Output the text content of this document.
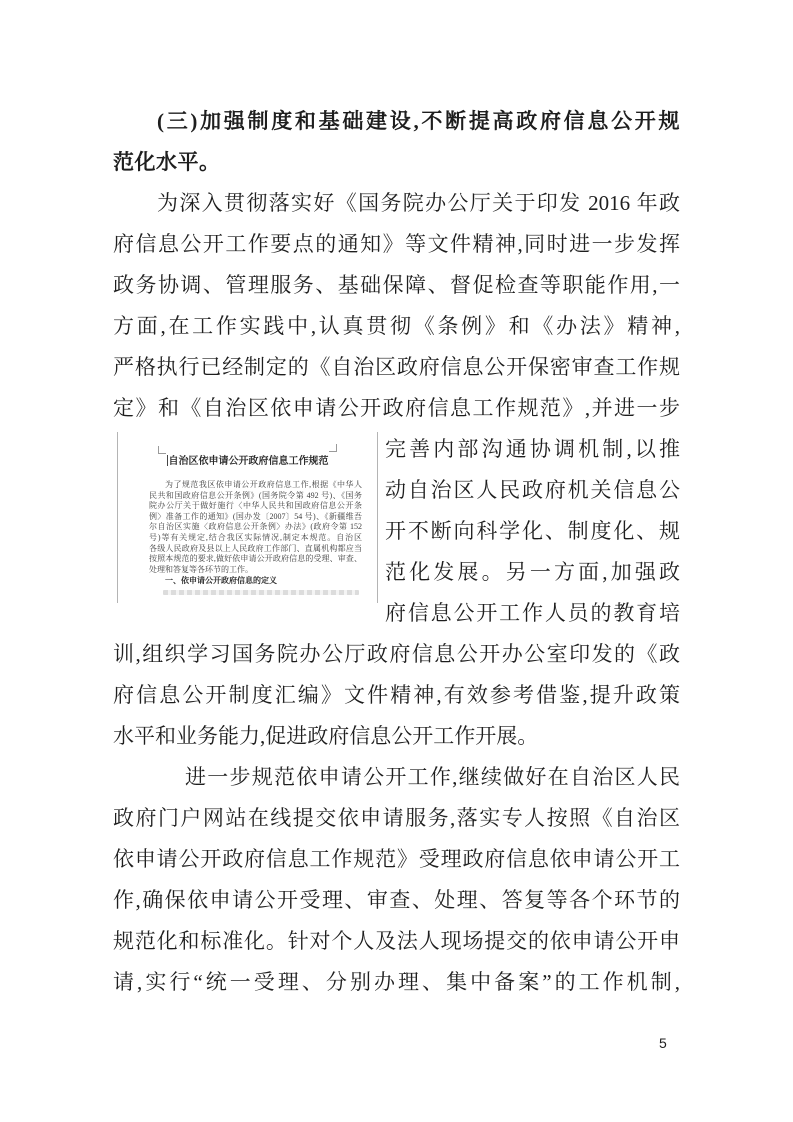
(三)加强制度和基础建设,不断提高政府信息公开规
范化水平。
为深入贯彻落实好《国务院办公厅关于印发 2016 年政
府信息公开工作要点的通知》等文件精神,同时进一步发挥
政务协调、管理服务、基础保障、督促检查等职能作用,一
方面,在工作实践中,认真贯彻《条例》和《办法》精神,
严格执行已经制定的《自治区政府信息公开保密审查工作规
定》和《自治区依申请公开政府信息工作规范》,并进一步
自治区依申请公开政府信息工作规范
为了规范我区依申请公开政府信息工作,根据《中华人
民共和国政府信息公开条例》(国务院令第 492 号)、《国务
院办公厅关于做好施行〈中华人民共和国政府信息公开条
例〉准备工作的通知》(国办发〔2007〕54 号)、《新疆维吾
尔自治区实施〈政府信息公开条例〉办法》(政府令第 152
号)等有关规定,结合我区实际情况,制定本规范。自治区
各级人民政府及县以上人民政府工作部门、直属机构都应当
按照本规范的要求,做好依申请公开政府信息的受理、审查、
处理和答复等各环节的工作。
一、依申请公开政府信息的定义
完善内部沟通协调机制,以推
动自治区人民政府机关信息公
开不断向科学化、制度化、规
范化发展。另一方面,加强政
府信息公开工作人员的教育培
训,组织学习国务院办公厅政府信息公开办公室印发的《政
府信息公开制度汇编》文件精神,有效参考借鉴,提升政策
水平和业务能力,促进政府信息公开工作开展。
进一步规范依申请公开工作,继续做好在自治区人民
政府门户网站在线提交依申请服务,落实专人按照《自治区
依申请公开政府信息工作规范》受理政府信息依申请公开工
作,确保依申请公开受理、审查、处理、答复等各个环节的
规范化和标准化。针对个人及法人现场提交的依申请公开申
请,实行“统一受理、分别办理、集中备案”的工作机制,
5
